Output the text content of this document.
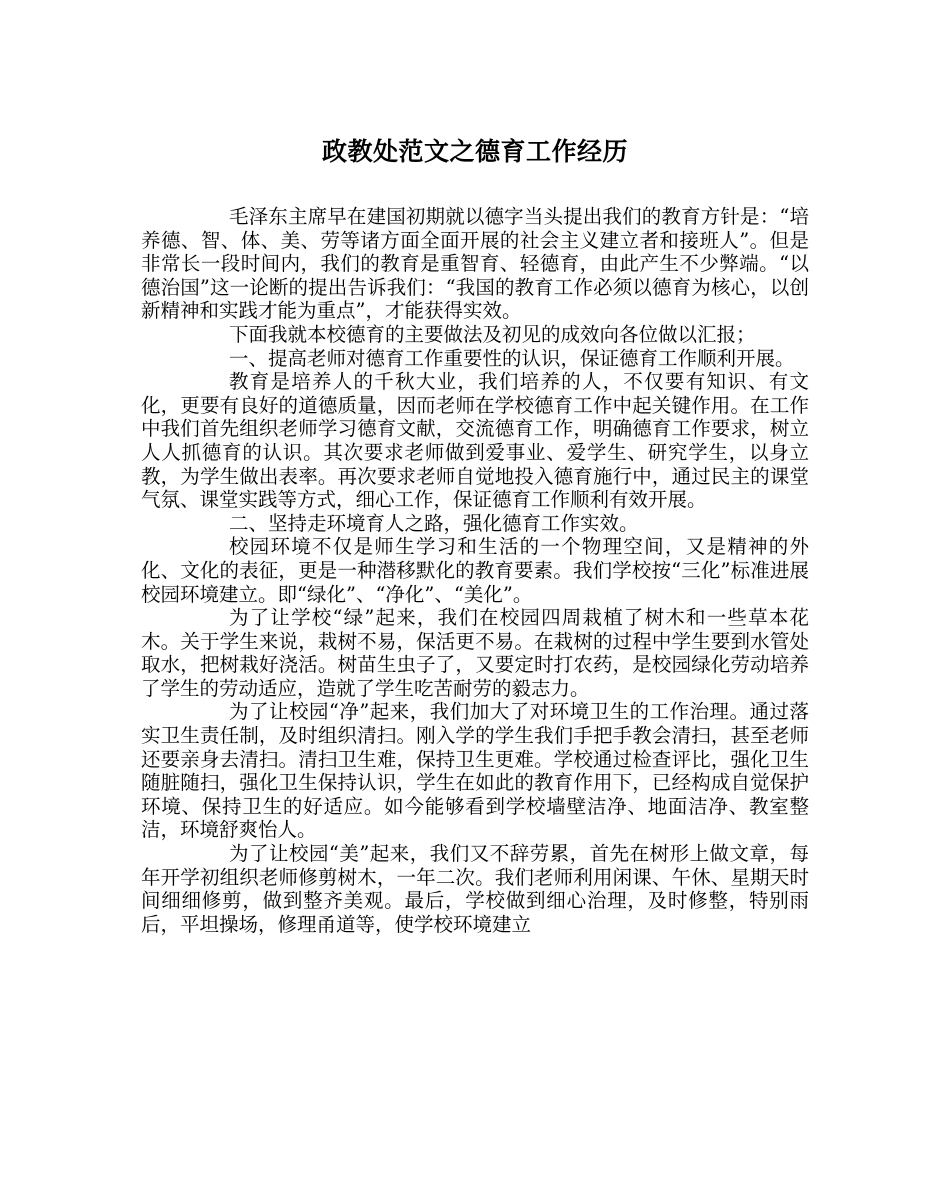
政教处范文之德育工作经历

毛泽东主席早在建国初期就以德字当头提出我们的教育方针是：“培养德、智、体、美、劳等诸方面全面开展的社会主义建立者和接班人”。但是非常长一段时间内，我们的教育是重智育、轻德育，由此产生不少弊端。“以德治国”这一论断的提出告诉我们：“我国的教育工作必须以德育为核心，以创新精神和实践才能为重点”，才能获得实效。

下面我就本校德育的主要做法及初见的成效向各位做以汇报；

一、提高老师对德育工作重要性的认识，保证德育工作顺利开展。

教育是培养人的千秋大业，我们培养的人，不仅要有知识、有文化，更要有良好的道德质量，因而老师在学校德育工作中起关键作用。在工作中我们首先组织老师学习德育文献，交流德育工作，明确德育工作要求，树立人人抓德育的认识。其次要求老师做到爱事业、爱学生、研究学生，以身立教，为学生做出表率。再次要求老师自觉地投入德育施行中，通过民主的课堂气氛、课堂实践等方式，细心工作，保证德育工作顺利有效开展。

二、坚持走环境育人之路，强化德育工作实效。

校园环境不仅是师生学习和生活的一个物理空间，又是精神的外化、文化的表征，更是一种潜移默化的教育要素。我们学校按“三化”标准进展校园环境建立。即“绿化”、“净化”、“美化”。

为了让学校“绿”起来，我们在校园四周栽植了树木和一些草本花木。关于学生来说，栽树不易，保活更不易。在栽树的过程中学生要到水管处取水，把树栽好浇活。树苗生虫子了，又要定时打农药，是校园绿化劳动培养了学生的劳动适应，造就了学生吃苦耐劳的毅志力。

为了让校园“净”起来，我们加大了对环境卫生的工作治理。通过落实卫生责任制，及时组织清扫。刚入学的学生我们手把手教会清扫，甚至老师还要亲身去清扫。清扫卫生难，保持卫生更难。学校通过检查评比，强化卫生随脏随扫，强化卫生保持认识，学生在如此的教育作用下，已经构成自觉保护环境、保持卫生的好适应。如今能够看到学校墙壁洁净、地面洁净、教室整洁，环境舒爽怡人。

为了让校园“美”起来，我们又不辞劳累，首先在树形上做文章，每年开学初组织老师修剪树木，一年二次。我们老师利用闲课、午休、星期天时间细细修剪，做到整齐美观。最后，学校做到细心治理，及时修整，特别雨后，平坦操场，修理甬道等，使学校环境建立
